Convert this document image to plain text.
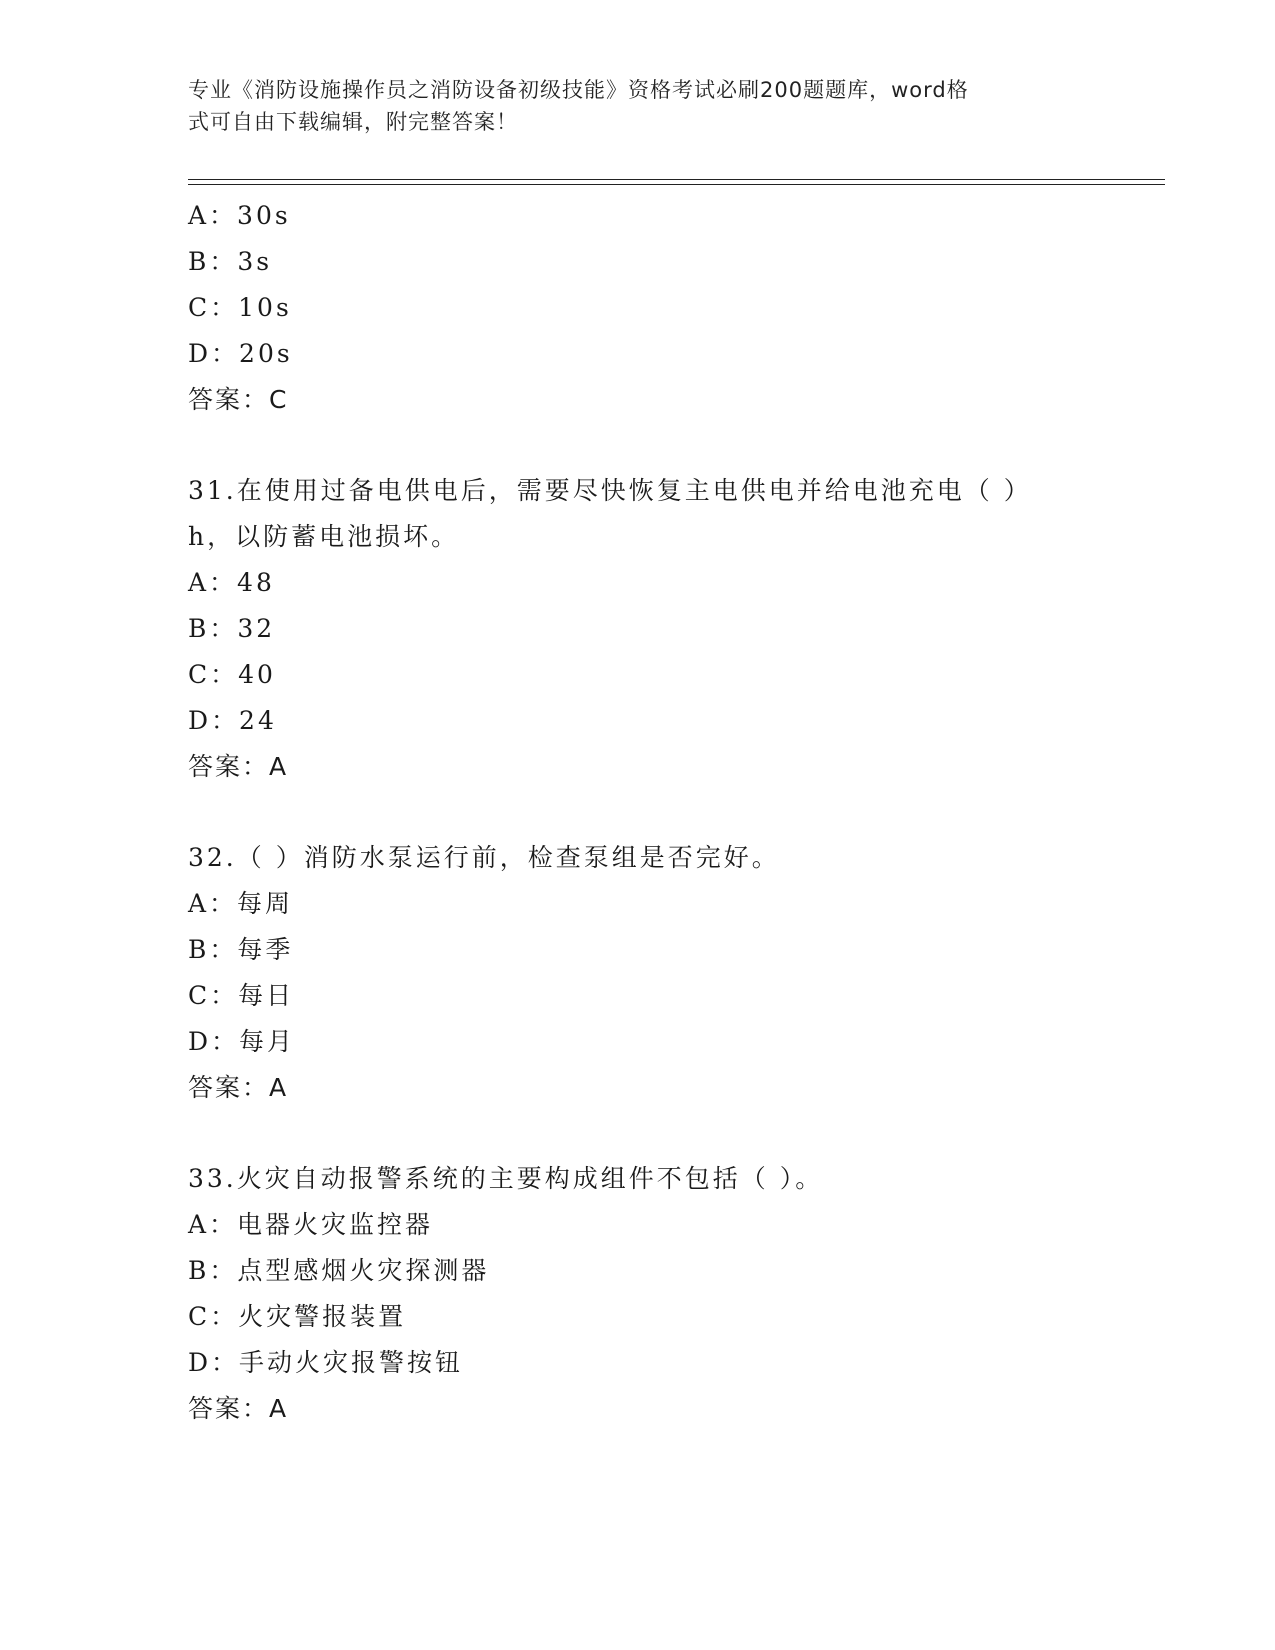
专业《消防设施操作员之消防设备初级技能》资格考试必刷200题题库，word格
式可自由下载编辑，附完整答案！
A：30s
B：3s
C：10s
D：20s
答案：C
31.在使用过备电供电后，需要尽快恢复主电供电并给电池充电（ ）
h，以防蓄电池损坏。
A：48
B：32
C：40
D：24
答案：A
32.（ ）消防水泵运行前，检查泵组是否完好。
A：每周
B：每季
C：每日
D：每月
答案：A
33.火灾自动报警系统的主要构成组件不包括（ ）。
A：电器火灾监控器
B：点型感烟火灾探测器
C：火灾警报装置
D：手动火灾报警按钮
答案：A
